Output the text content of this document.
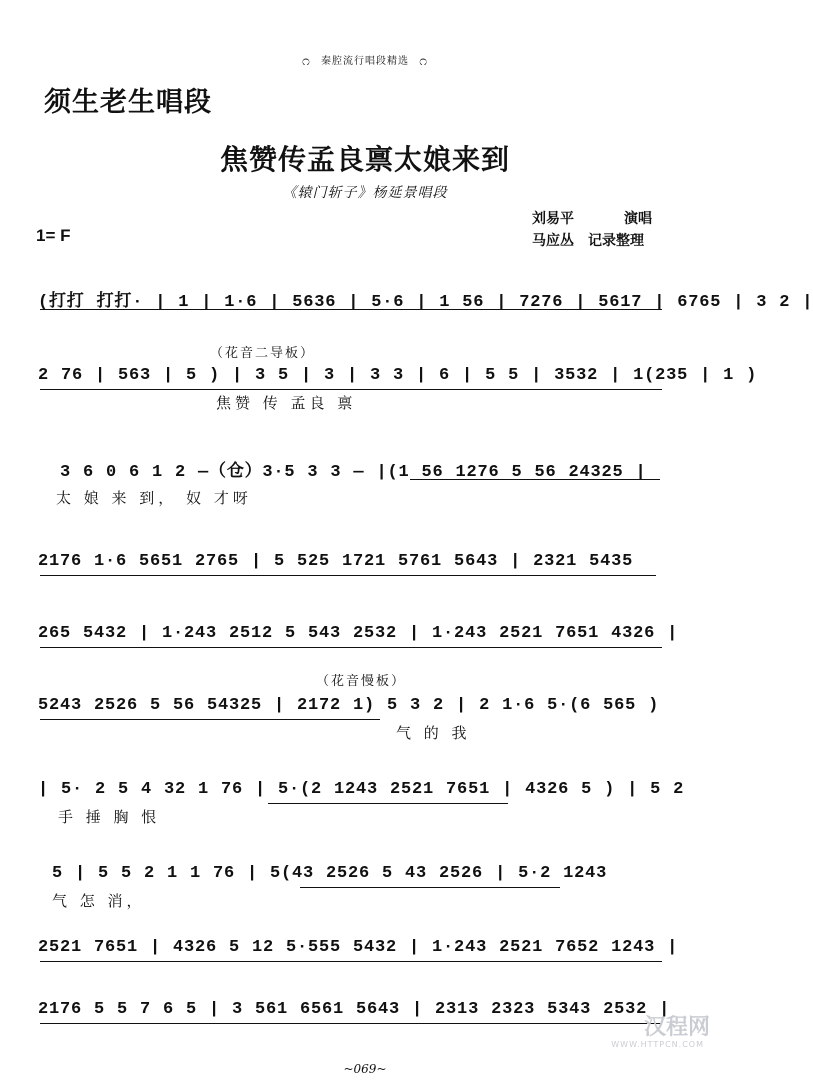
೧ 秦腔流行唱段精选 ೧
须生老生唱段
焦赞传孟良禀太娘来到
《辕门斩子》杨延景唱段
刘易平	演唱
马应丛 记录整理
1= F
(打打 打打· | 1 | 1·6 | 5636 | 5·6 | 1 56 | 7276 | 5617 | 6765 | 3 2 |
（花音二导板）
2 76 | 563 | 5 ) | 3 5 | 3 | 3 3 | 6 | 5 5 | 3532 | 1(235 | 1 )
焦赞 传 孟良 禀
3 6 0 6 1 2 —（仓）3·5 3 3 — |(1 56 1276 5 56 24325 |
太 娘 来 到， 奴 才呀
2176 1·6 5651 2765 | 5 525 1721 5761 5643 | 2321 5435
265 5432 | 1·243 2512 5 543 2532 | 1·243 2521 7651 4326 |
（花音慢板）
5243 2526 5 56 54325 | 2172 1) 5 3 2 | 2 1·6 5·(6 565 )
气 的 我
| 5· 2 5 4 32 1 76 | 5·(2 1243 2521 7651 | 4326 5 ) | 5 2
手 捶 胸 恨
5 | 5 5 2 1 1 76 | 5(43 2526 5 43 2526 | 5·2 1243
气 怎 消，
2521 7651 | 4326 5 12 5·555 5432 | 1·243 2521 7652 1243 |
2176 5 5 7 6 5 | 3 561 6561 5643 | 2313 2323 5343 2532 |
汉程网
WWW.HTTPCN.COM
~069~
